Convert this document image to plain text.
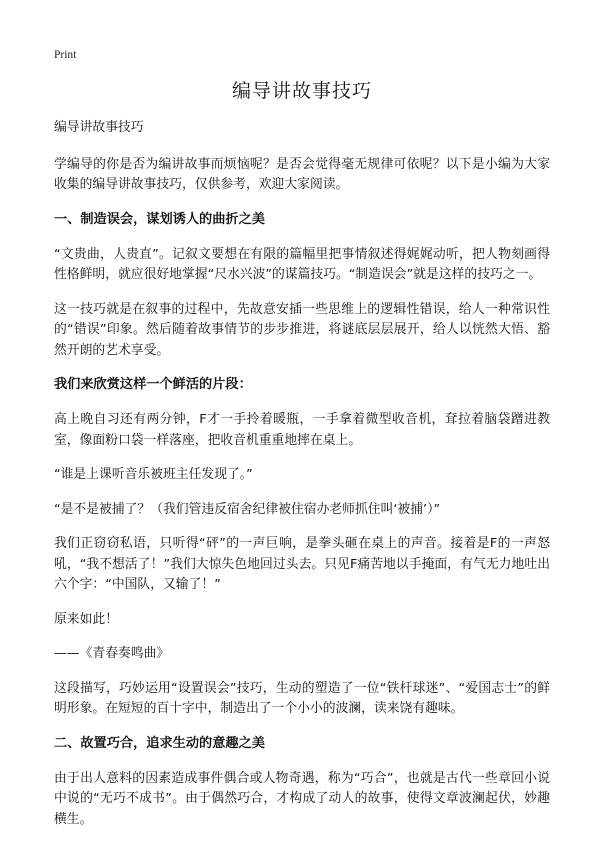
Print
编导讲故事技巧

编导讲故事技巧

学编导的你是否为编讲故事而烦恼呢？是否会觉得毫无规律可依呢？以下是小编为大家收集的编导讲故事技巧，仅供参考，欢迎大家阅读。

一、制造误会，谋划诱人的曲折之美

“文贵曲，人贵直”。记叙文要想在有限的篇幅里把事情叙述得娓娓动听，把人物刻画得性格鲜明，就应很好地掌握“尺水兴波”的谋篇技巧。“制造误会”就是这样的技巧之一。

这一技巧就是在叙事的过程中，先故意安插一些思维上的逻辑性错误，给人一种常识性的“错误”印象。然后随着故事情节的步步推进，将谜底层层展开，给人以恍然大悟、豁然开朗的艺术享受。

我们来欣赏这样一个鲜活的片段：

高上晚自习还有两分钟，F才一手拎着暖瓶，一手拿着微型收音机，耷拉着脑袋蹭进教室，像面粉口袋一样落座，把收音机重重地摔在桌上。

“谁是上课听音乐被班主任发现了。”

“是不是被捕了？（我们管违反宿舍纪律被住宿办老师抓住叫‘被捕’）”

我们正窃窃私语，只听得“砰”的一声巨响，是拳头砸在桌上的声音。接着是F的一声怒吼，“我不想活了！”我们大惊失色地回过头去。只见F痛苦地以手掩面，有气无力地吐出六个字：“中国队，又输了！”

原来如此！

——《青春奏鸣曲》

这段描写，巧妙运用“设置误会”技巧，生动的塑造了一位“铁杆球迷”、“爱国志士”的鲜明形象。在短短的百十字中，制造出了一个小小的波澜，读来饶有趣味。

二、故置巧合，追求生动的意趣之美

由于出人意料的因素造成事件偶合或人物奇遇，称为“巧合”，也就是古代一些章回小说中说的“无巧不成书”。由于偶然巧合，才构成了动人的故事，使得文章波澜起伏，妙趣横生。
